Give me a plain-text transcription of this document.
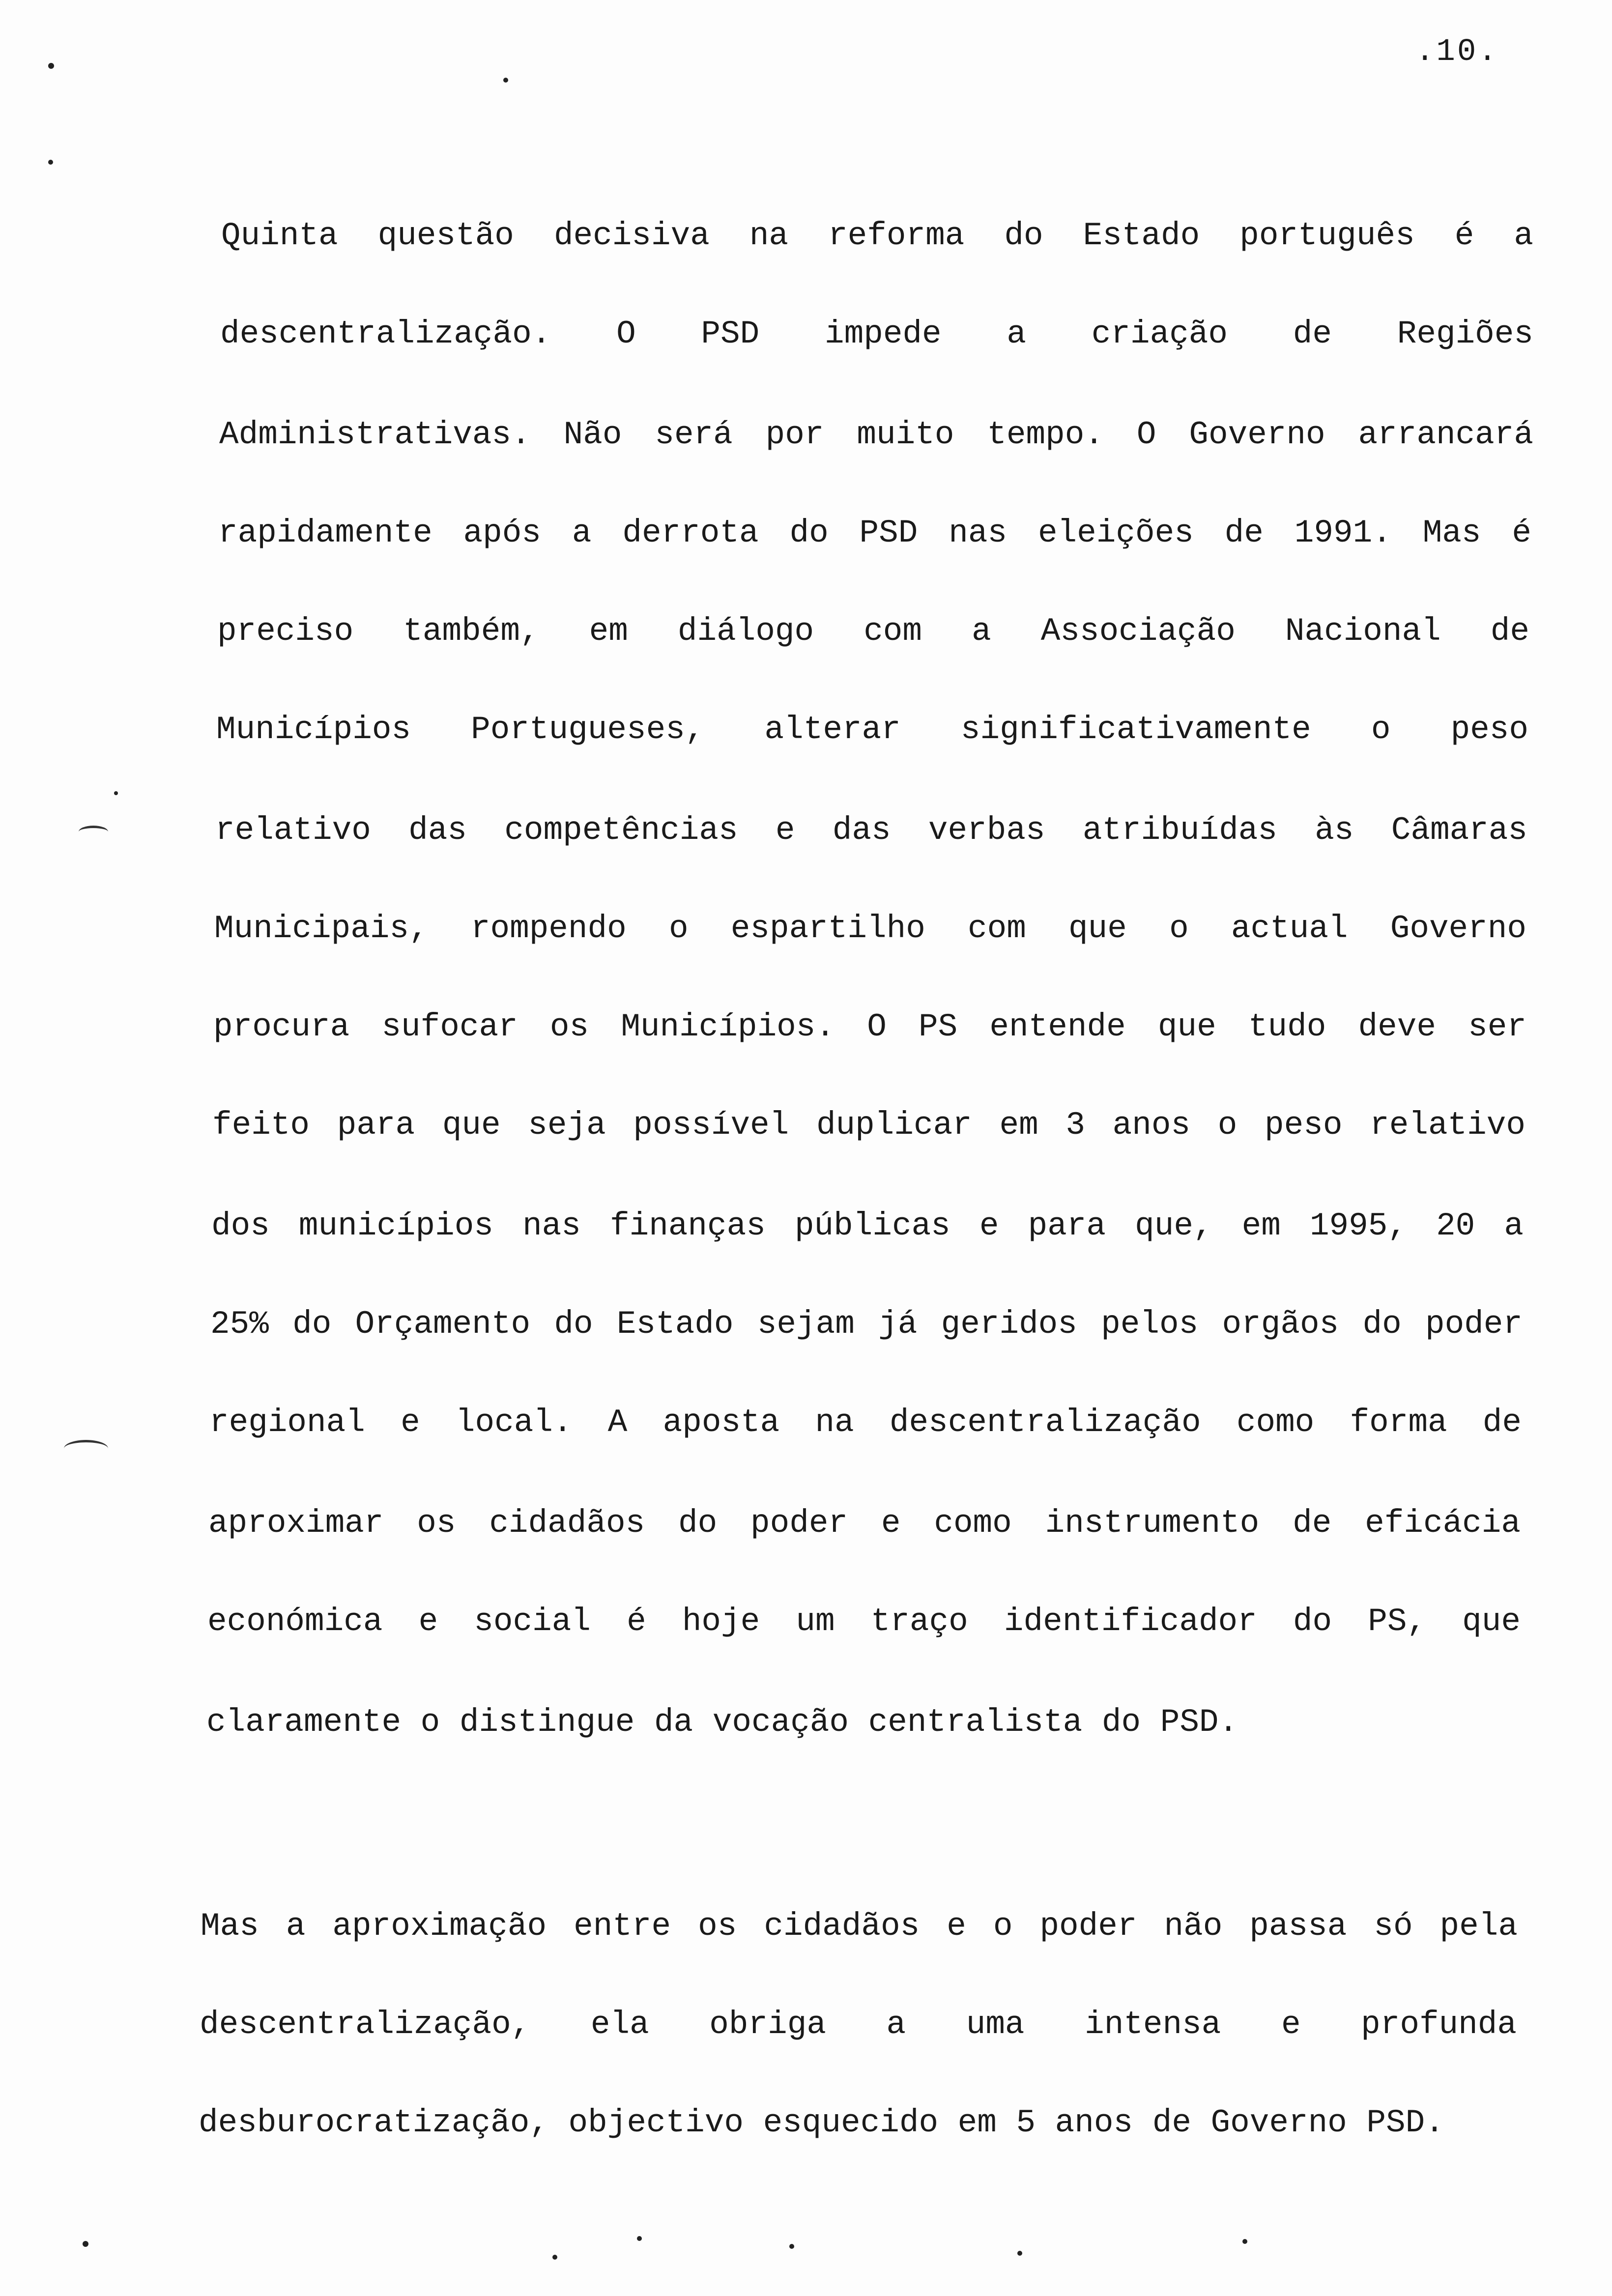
.10.
Quinta questão decisiva na reforma do Estado português é a
descentralização. O PSD impede a criação de Regiões
Administrativas. Não será por muito tempo. O Governo arrancará
rapidamente após a derrota do PSD nas eleições de 1991. Mas é
preciso também, em diálogo com a Associação Nacional de
Municípios Portugueses, alterar significativamente o peso
relativo das competências e das verbas atribuídas às Câmaras
Municipais, rompendo o espartilho com que o actual Governo
procura sufocar os Municípios. O PS entende que tudo deve ser
feito para que seja possível duplicar em 3 anos o peso relativo
dos municípios nas finanças públicas e para que, em 1995, 20 a
25% do Orçamento do Estado sejam já geridos pelos orgãos do poder
regional e local. A aposta na descentralização como forma de
aproximar os cidadãos do poder e como instrumento de eficácia
económica e social é hoje um traço identificador do PS, que
claramente o distingue da vocação centralista do PSD.
Mas a aproximação entre os cidadãos e o poder não passa só pela
descentralização, ela obriga a uma intensa e profunda
desburocratização, objectivo esquecido em 5 anos de Governo PSD.
